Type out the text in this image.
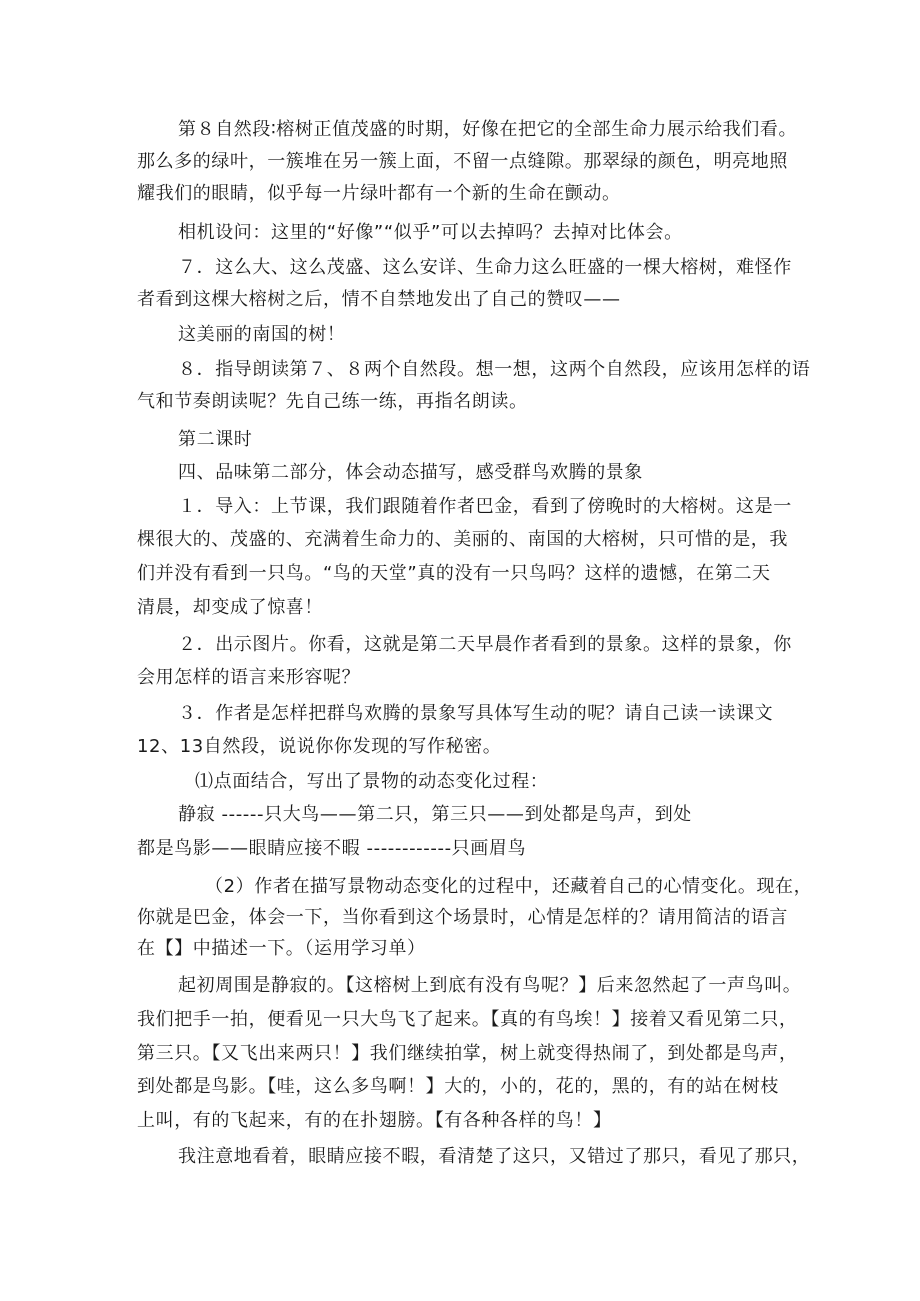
第８自然段∶榕树正值茂盛的时期，好像在把它的全部生命力展示给我们看。
那么多的绿叶，一簇堆在另一簇上面，不留一点缝隙。那翠绿的颜色，明亮地照
耀我们的眼睛，似乎每一片绿叶都有一个新的生命在颤动。
相机设问：这里的“好像”“似乎”可以去掉吗？去掉对比体会。
７．这么大、这么茂盛、这么安详、生命力这么旺盛的一棵大榕树，难怪作
者看到这棵大榕树之后，情不自禁地发出了自己的赞叹——
这美丽的南国的树！
８．指导朗读第７、８两个自然段。想一想，这两个自然段，应该用怎样的语
气和节奏朗读呢？先自己练一练，再指名朗读。
第二课时
四、品味第二部分，体会动态描写，感受群鸟欢腾的景象
１．导入：上节课，我们跟随着作者巴金，看到了傍晚时的大榕树。这是一
棵很大的、茂盛的、充满着生命力的、美丽的、南国的大榕树，只可惜的是，我
们并没有看到一只鸟。“鸟的天堂”真的没有一只鸟吗？这样的遗憾，在第二天
清晨，却变成了惊喜！
２．出示图片。你看，这就是第二天早晨作者看到的景象。这样的景象，你
会用怎样的语言来形容呢？
３．作者是怎样把群鸟欢腾的景象写具体写生动的呢？请自己读一读课文
12、13自然段，说说你你发现的写作秘密。
⑴点面结合，写出了景物的动态变化过程：
静寂 ------只大鸟——第二只，第三只——到处都是鸟声，到处
都是鸟影——眼睛应接不暇 ------------只画眉鸟
（2）作者在描写景物动态变化的过程中，还藏着自己的心情变化。现在，
你就是巴金，体会一下，当你看到这个场景时，心情是怎样的？请用简洁的语言
在【】中描述一下。（运用学习单）
起初周围是静寂的。【这榕树上到底有没有鸟呢？】后来忽然起了一声鸟叫。
我们把手一拍，便看见一只大鸟飞了起来。【真的有鸟埃！】接着又看见第二只，
第三只。【又飞出来两只！】我们继续拍掌，树上就变得热闹了，到处都是鸟声，
到处都是鸟影。【哇，这么多鸟啊！】大的，小的，花的，黑的，有的站在树枝
上叫，有的飞起来，有的在扑翅膀。【有各种各样的鸟！】
我注意地看着，眼睛应接不暇，看清楚了这只，又错过了那只，看见了那只，
